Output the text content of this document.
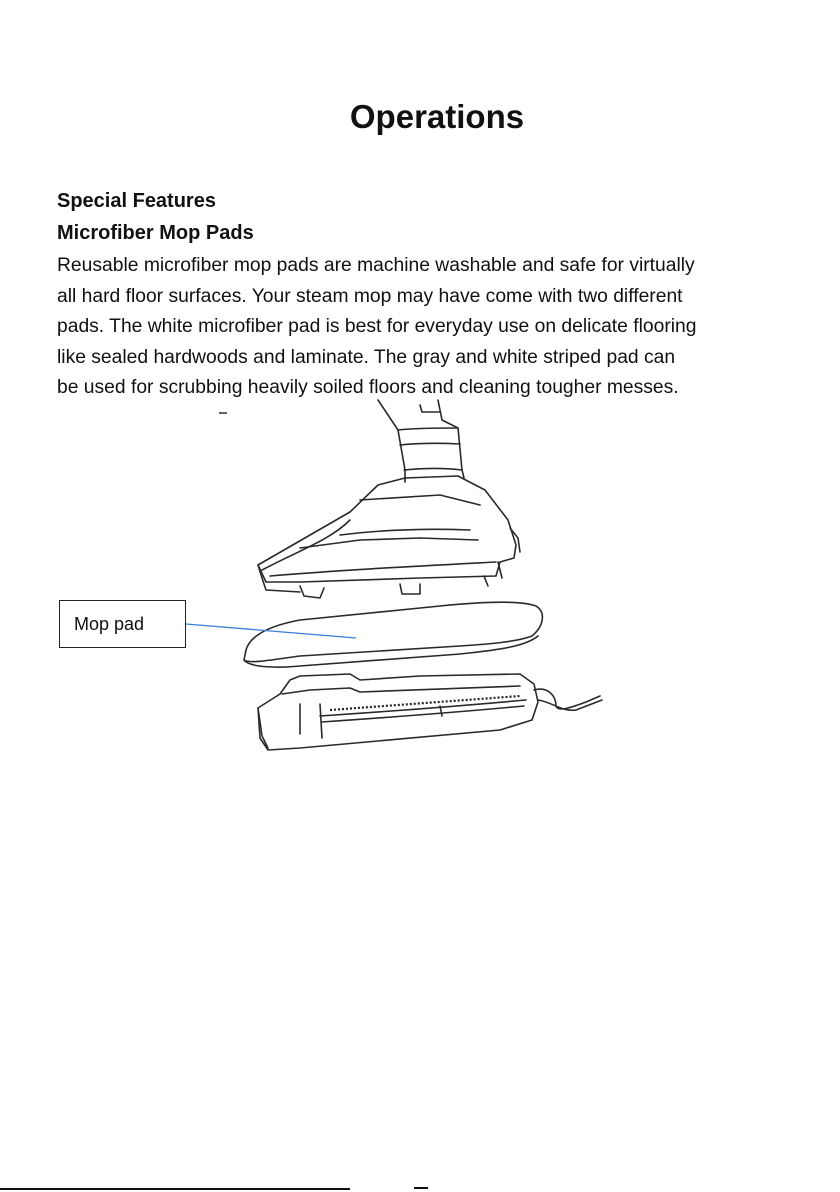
Operations
Special Features
Microfiber Mop Pads
Reusable microfiber mop pads are machine washable and safe for virtually
all hard floor surfaces. Your steam mop may have come with two different
pads. The white microfiber pad is best for everyday use on delicate flooring
like sealed hardwoods and laminate. The gray and white striped pad can
be used for scrubbing heavily soiled floors and cleaning tougher messes.
Mop pad
